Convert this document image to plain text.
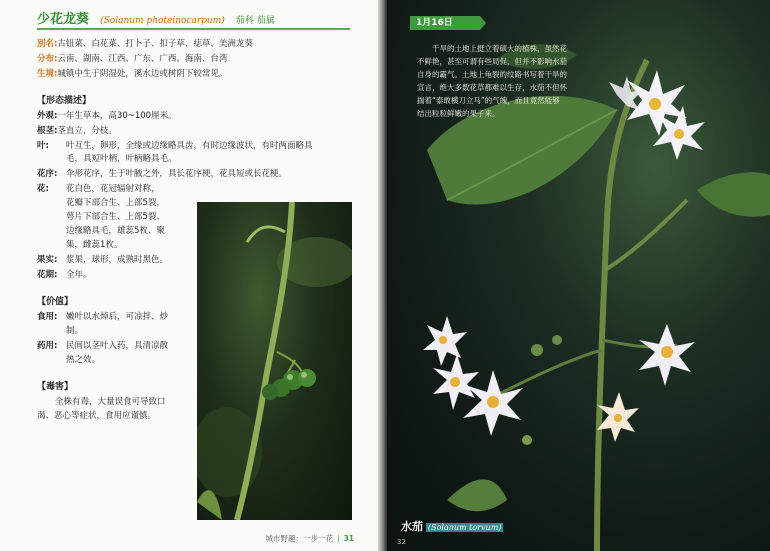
少花龙葵 (Solanum photeinocarpum) 茄科 茄属
别名:古钮菜、白花菜、打卜子、扣子草、痣草、美洲龙葵
分布:云南、湖南、江西、广东、广西、海南、台湾
生境:城镇中生于阴湿处，溪水边或树阴下较常见。
【形态描述】
外观:一年生草本，高30~100厘米。
根茎:茎直立，分枝。
叶: 叶互生，卵形，全缘或边缘略具齿，有时边缘波状，有时两面略具
毛，具短叶柄，叶柄略具毛。
花序: 伞形花序，生于叶腋之外，具长花序梗，花具短或长花梗。
花: 花白色，花冠辐射对称，
花瓣下部合生、上部5裂，
萼片下部合生、上部5裂、
边缘略具毛，雄蕊5枚、聚
集，雌蕊1枚。
果实: 浆果，球形，成熟时黑色。
花期: 全年。
【价值】
食用: 嫩叶以水焯后，可凉拌、炒
制。
药用: 民间以茎叶入药，具清凉散
热之效。
【毒害】
全株有毒，大量误食可导致口
渴、恶心等症状，食用应谨慎。
城市野趣：一步一花 | 31
1月16日
干旱的土地上挺立着硕大的植株，虽然花不鲜艳，甚至可谓有些局促，但并不影响水茄自身的霸气。土地上龟裂的纹路书写着干旱的宣言，绝大多数花草都难以生存，水茄不但怀揣着“泰敢横刀立马”的气魄，而且竟然能够结出粒粒鲜嫩的果子来。
水茄 (Solanum torvum)
32
